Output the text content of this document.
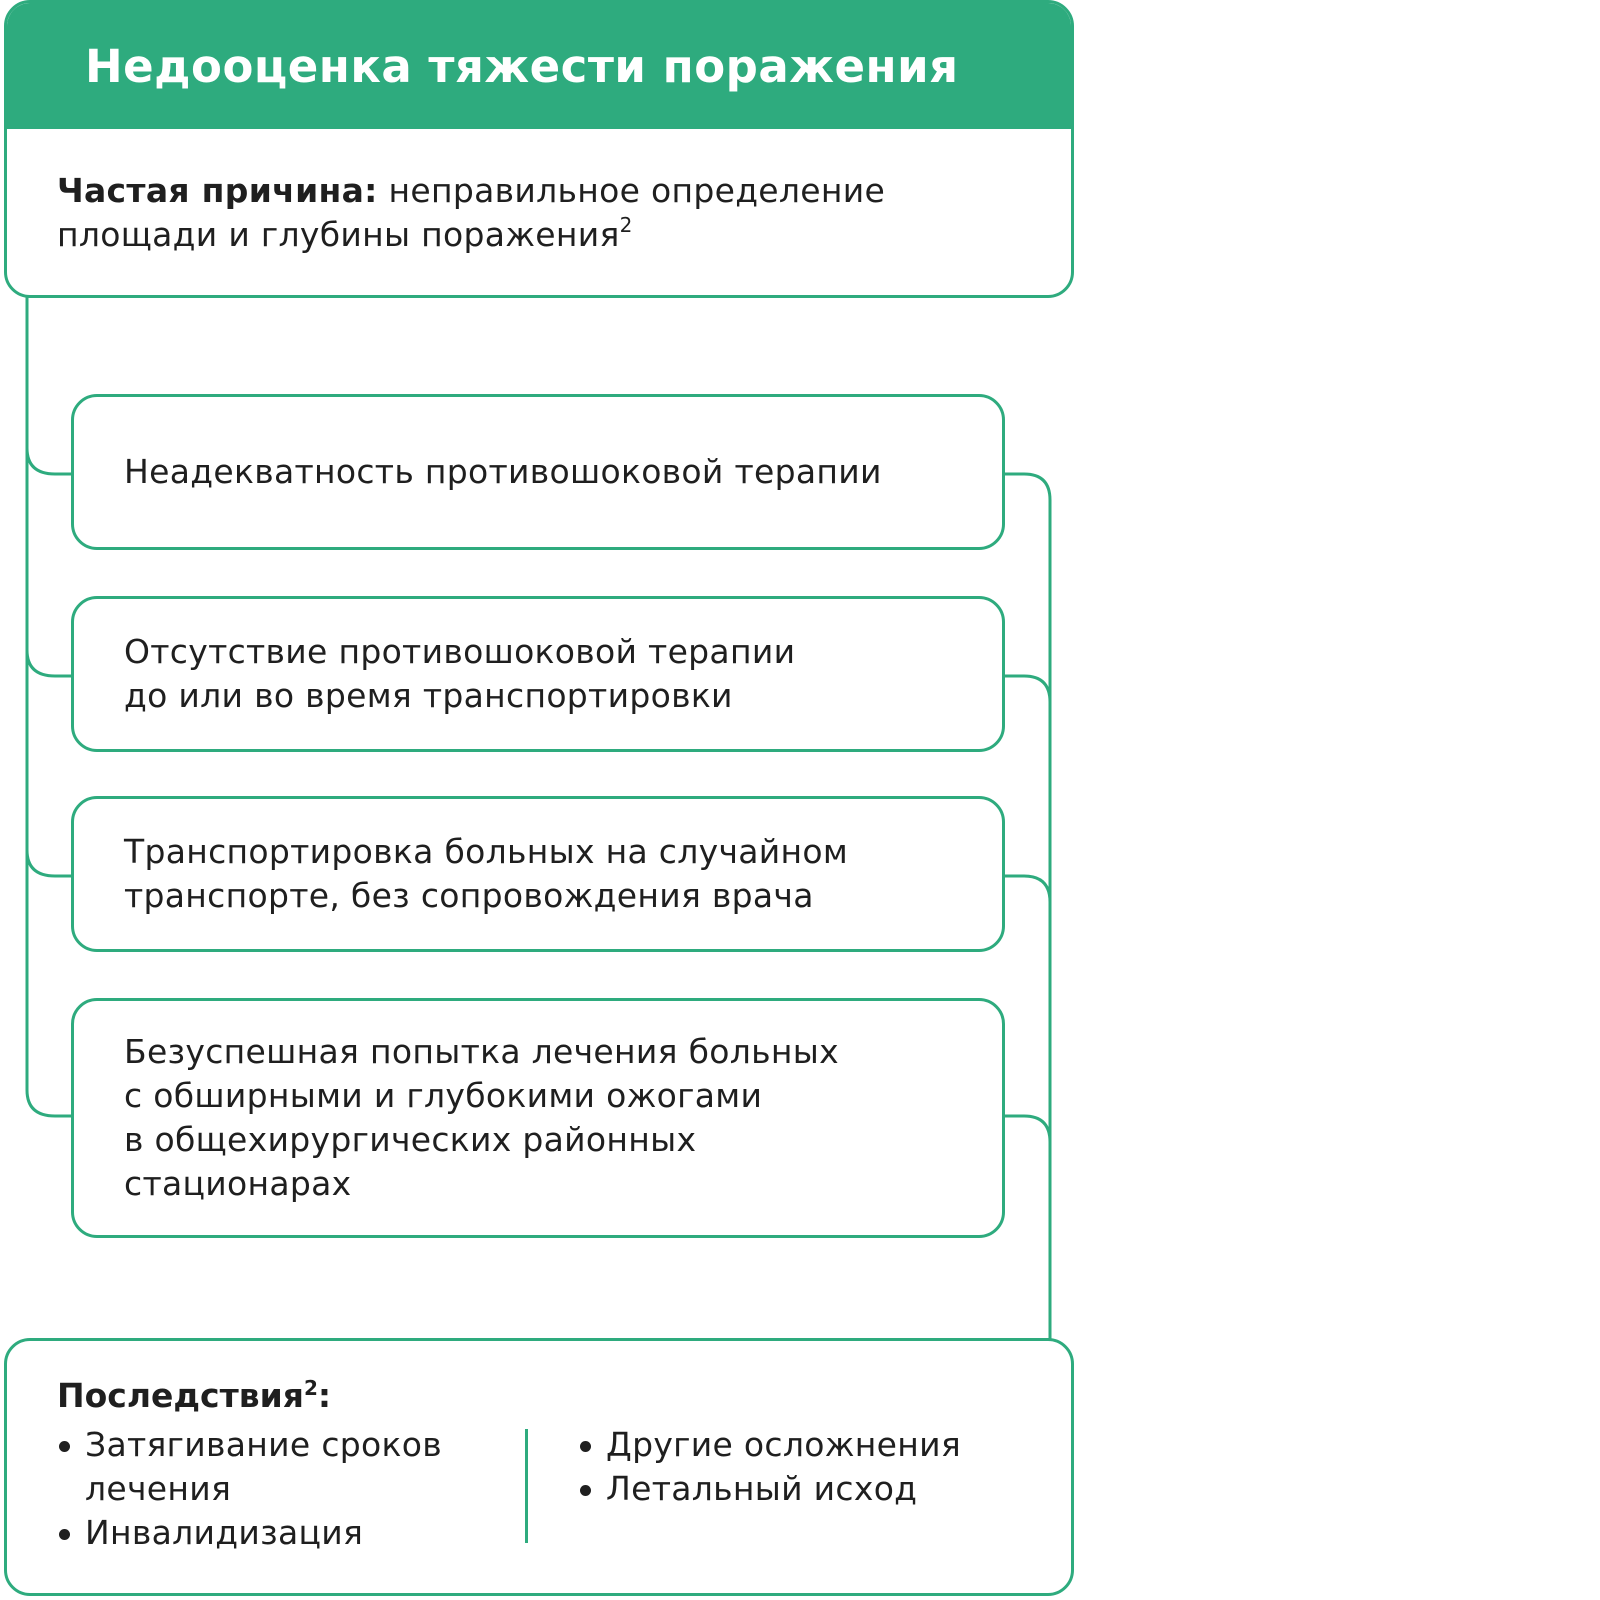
Недооценка тяжести поражения
Частая причина: неправильное определение площади и глубины поражения$^2$
Неадекватность противошоковой терапии
Отсутствие противошоковой терапии
до или во время транспортировки
Транспортировка больных на случайном
транспорте, без сопровождения врача
Безуспешная попытка лечения больных
с обширными и глубокими ожогами
в общехирургических районных
стационарах
Последствия$^2$:
Затягивание сроков лечения
Инвалидизация
Другие осложнения
Летальный исход
